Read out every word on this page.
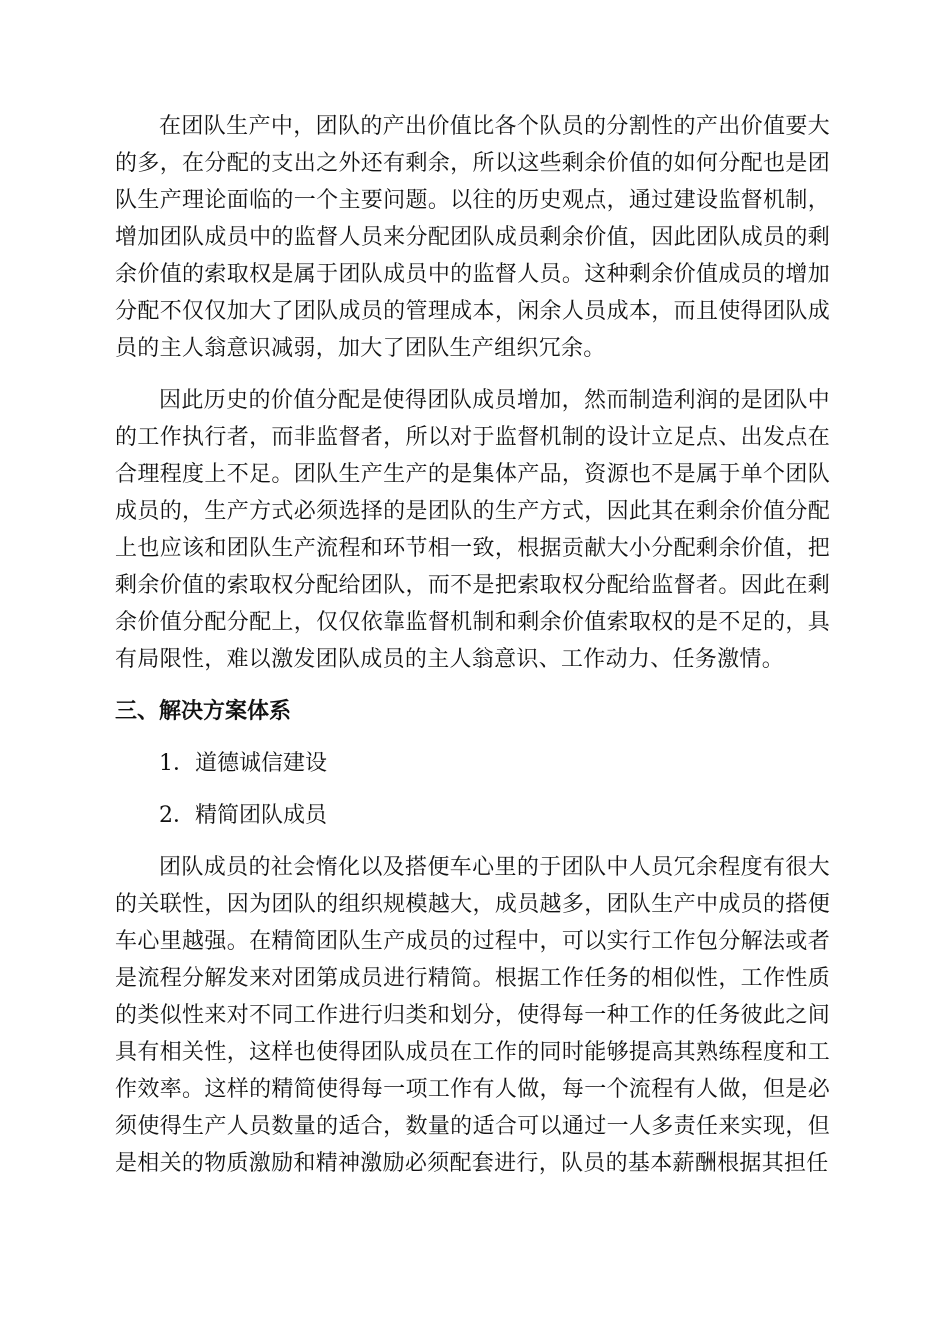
在团队生产中，团队的产出价值比各个队员的分割性的产出价值要大的多，在分配的支出之外还有剩余，所以这些剩余价值的如何分配也是团队生产理论面临的一个主要问题。以往的历史观点，通过建设监督机制，增加团队成员中的监督人员来分配团队成员剩余价值，因此团队成员的剩余价值的索取权是属于团队成员中的监督人员。这种剩余价值成员的增加分配不仅仅加大了团队成员的管理成本，闲余人员成本，而且使得团队成员的主人翁意识减弱，加大了团队生产组织冗余。

因此历史的价值分配是使得团队成员增加，然而制造利润的是团队中的工作执行者，而非监督者，所以对于监督机制的设计立足点、出发点在合理程度上不足。团队生产生产的是集体产品，资源也不是属于单个团队成员的，生产方式必须选择的是团队的生产方式，因此其在剩余价值分配上也应该和团队生产流程和环节相一致，根据贡献大小分配剩余价值，把剩余价值的索取权分配给团队，而不是把索取权分配给监督者。因此在剩余价值分配分配上，仅仅依靠监督机制和剩余价值索取权的是不足的，具有局限性，难以激发团队成员的主人翁意识、工作动力、任务激情。

三、解决方案体系

1．道德诚信建设

2．精简团队成员

团队成员的社会惰化以及搭便车心里的于团队中人员冗余程度有很大的关联性，因为团队的组织规模越大，成员越多，团队生产中成员的搭便车心里越强。在精简团队生产成员的过程中，可以实行工作包分解法或者是流程分解发来对团第成员进行精简。根据工作任务的相似性，工作性质的类似性来对不同工作进行归类和划分，使得每一种工作的任务彼此之间具有相关性，这样也使得团队成员在工作的同时能够提高其熟练程度和工作效率。这样的精简使得每一项工作有人做，每一个流程有人做，但是必须使得生产人员数量的适合，数量的适合可以通过一人多责任来实现，但是相关的物质激励和精神激励必须配套进行，队员的基本薪酬根据其担任
